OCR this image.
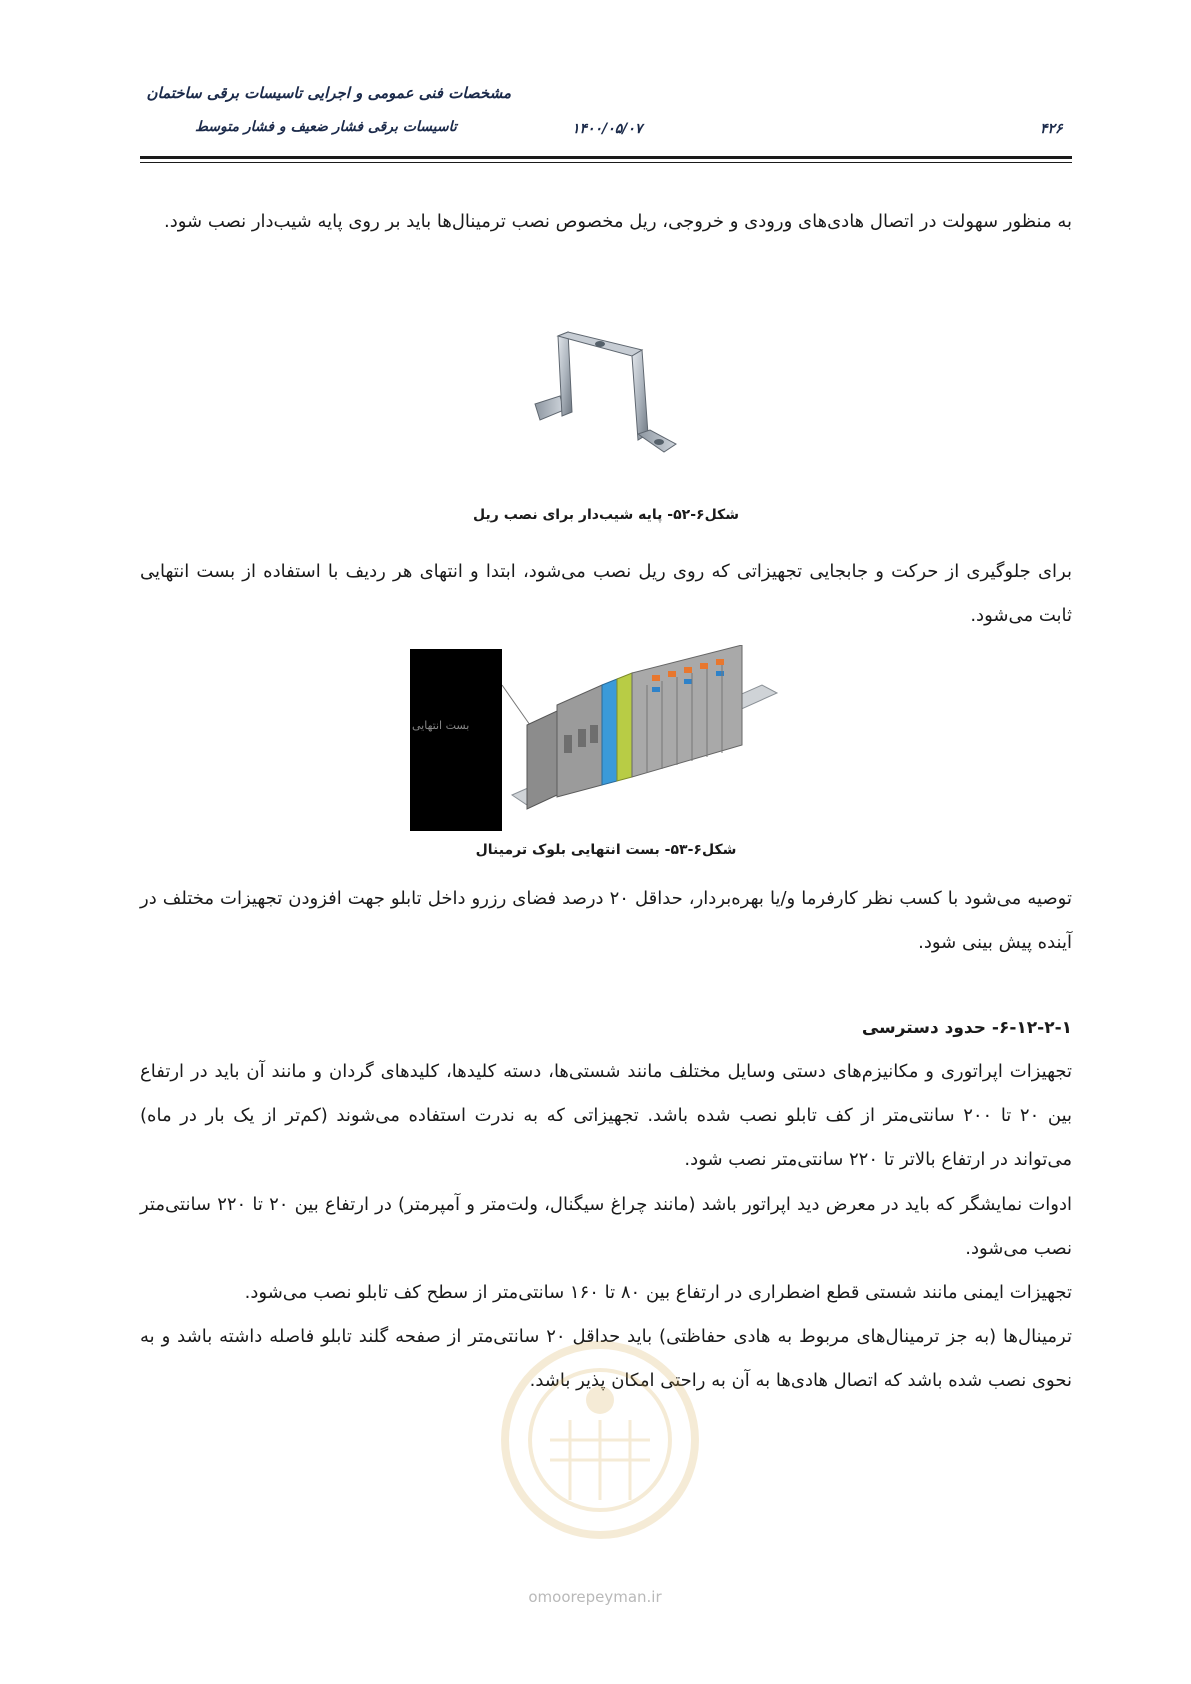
مشخصات فنی عمومی و اجرایی تاسیسات برقی ساختمان
تاسیسات برقی فشار ضعیف و فشار متوسط	۱۴۰۰/۰۵/۰۷	۴۲۶
به منظور سهولت در اتصال هادی‌های ورودی و خروجی، ریل مخصوص نصب ترمینال‌ها باید بر روی پایه شیب‌دار نصب شود.
شکل۶-۵۲- پایه شیب‌دار برای نصب ریل
برای جلوگیری از حرکت و جابجایی تجهیزاتی که روی ریل نصب می‌شود، ابتدا و انتهای هر ردیف با استفاده از بست انتهایی ثابت می‌شود.
بست انتهایی
شکل۶-۵۳- بست انتهایی بلوک ترمینال
توصیه می‌شود با کسب نظر کارفرما و/یا بهره‌بردار، حداقل ۲۰ درصد فضای رزرو داخل تابلو جهت افزودن تجهیزات مختلف در آینده پیش بینی شود.
۶-۱۲-۲-۱- حدود دسترسی
تجهیزات اپراتوری و مکانیزم‌های دستی وسایل مختلف مانند شستی‌ها، دسته کلیدها، کلیدهای گردان و مانند آن باید در ارتفاع بین ۲۰ تا ۲۰۰ سانتی‌متر از کف تابلو نصب شده باشد. تجهیزاتی که به ندرت استفاده می‌شوند (کم‌تر از یک بار در ماه) می‌تواند در ارتفاع بالاتر تا ۲۲۰ سانتی‌متر نصب شود.
ادوات نمایشگر که باید در معرض دید اپراتور باشد (مانند چراغ سیگنال، ولت‌متر و آمپرمتر) در ارتفاع بین ۲۰ تا ۲۲۰ سانتی‌متر نصب می‌شود.
تجهیزات ایمنی مانند شستی قطع اضطراری در ارتفاع بین ۸۰ تا ۱۶۰ سانتی‌متر از سطح کف تابلو نصب می‌شود.
ترمینال‌ها (به جز ترمینال‌های مربوط به هادی حفاظتی) باید حداقل ۲۰ سانتی‌متر از صفحه گلند تابلو فاصله داشته باشد و به نحوی نصب شده باشد که اتصال هادی‌ها به آن به راحتی امکان پذیر باشد.
omoorepeyman.ir
